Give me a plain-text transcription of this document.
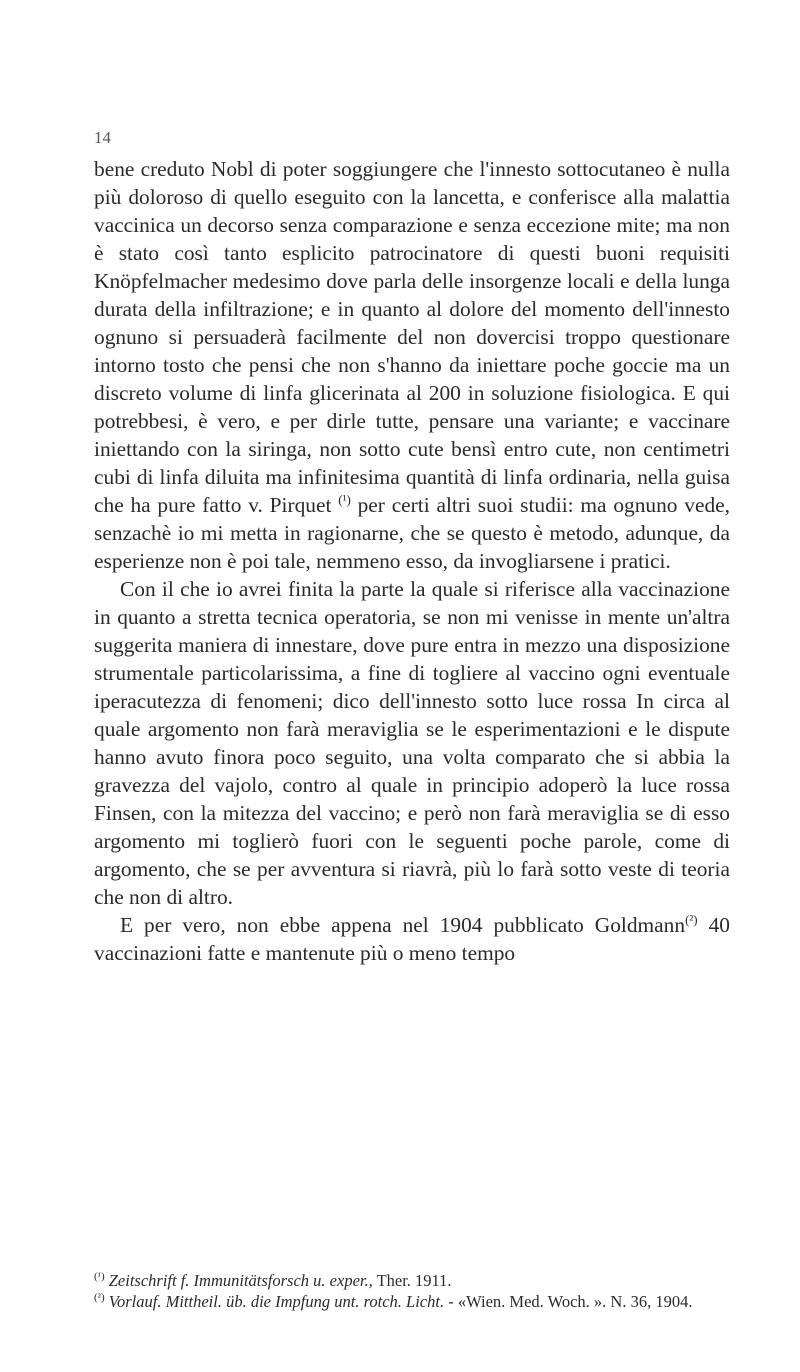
14

bene creduto Nobl di poter soggiungere che l'innesto sottocutaneo è nulla più doloroso di quello eseguito con la lancetta, e conferisce alla malattia vaccinica un decorso senza comparazione e senza eccezione mite; ma non è stato così tanto esplicito patrocinatore di questi buoni requisiti Knöpfelmacher medesimo dove parla delle insorgenze locali e della lunga durata della infiltrazione; e in quanto al dolore del momento dell'innesto ognuno si persuaderà facilmente del non dovercisi troppo questionare intorno tosto che pensi che non s'hanno da iniettare poche goccie ma un discreto volume di linfa glicerinata al 200 in soluzione fisiologica. E qui potrebbesi, è vero, e per dirle tutte, pensare una variante; e vaccinare iniettando con la siringa, non sotto cute bensì entro cute, non centimetri cubi di linfa diluita ma infinitesima quantità di linfa ordinaria, nella guisa che ha pure fatto v. Pirquet $^{(^1)}$ per certi altri suoi studii: ma ognuno vede, senzachè io mi metta in ragionarne, che se questo è metodo, adunque, da esperienze non è poi tale, nemmeno esso, da invogliarsene i pratici.

Con il che io avrei finita la parte la quale si riferisce alla vaccinazione in quanto a stretta tecnica operatoria, se non mi venisse in mente un'altra suggerita maniera di innestare, dove pure entra in mezzo una disposizione strumentale particolarissima, a fine di togliere al vaccino ogni eventuale iperacutezza di fenomeni; dico dell'innesto sotto luce rossa In circa al quale argomento non farà meraviglia se le esperimentazioni e le dispute hanno avuto finora poco seguito, una volta comparato che si abbia la gravezza del vajolo, contro al quale in principio adoperò la luce rossa Finsen, con la mitezza del vaccino; e però non farà meraviglia se di esso argomento mi toglierò fuori con le seguenti poche parole, come di argomento, che se per avventura si riavrà, più lo farà sotto veste di teoria che non di altro.

E per vero, non ebbe appena nel 1904 pubblicato Goldmann$^{(^2)}$ 40 vaccinazioni fatte e mantenute più o meno tempo

$^{(^1)}$ Zeitschrift f. Immunitätsforsch u. exper., Ther. 1911.

$^{(^2)}$ Vorlauf. Mittheil. üb. die Impfung unt. rotch. Licht. - «Wien. Med. Woch. ». N. 36, 1904.
